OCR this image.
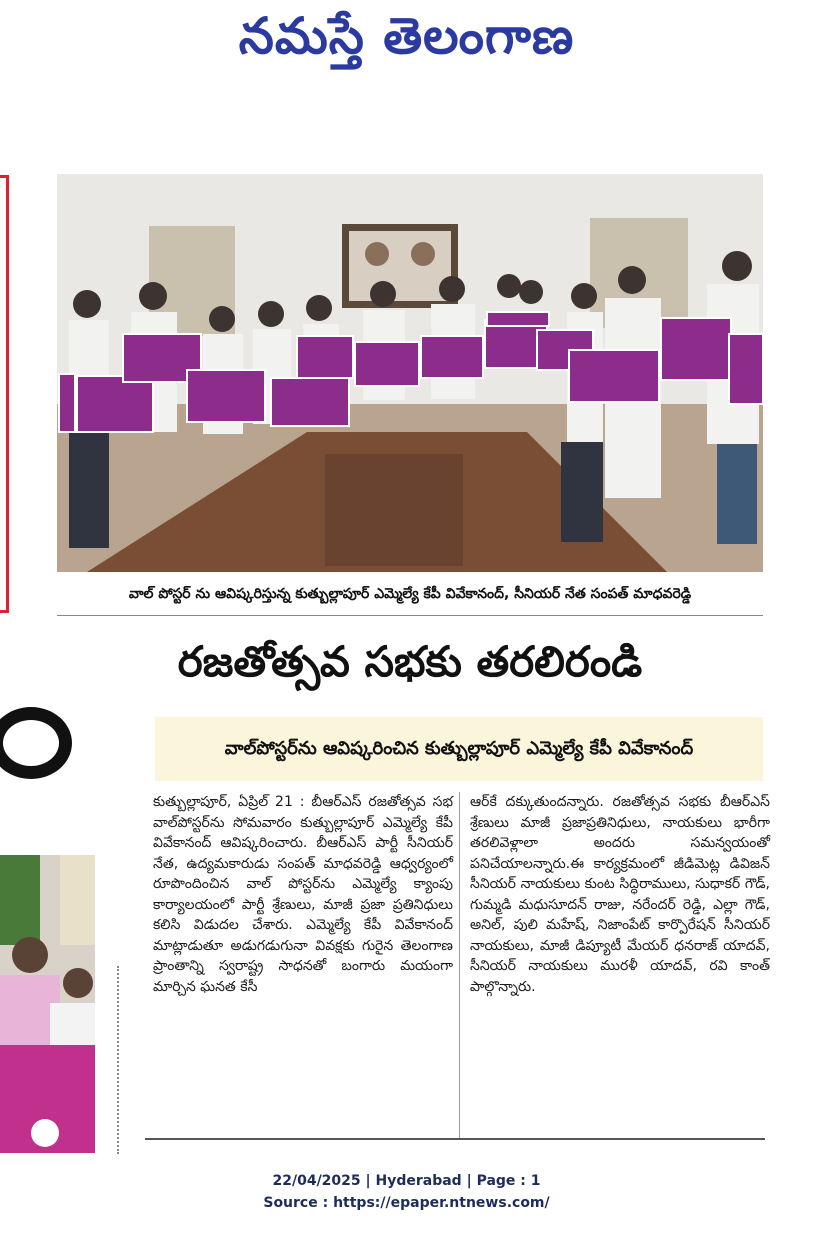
నమస్తే తెలంగాణ
వాల్ పోస్టర్ ను ఆవిష్కరిస్తున్న కుత్బుల్లాపూర్ ఎమ్మెల్యే కేపీ వివేకానంద్, సీనియర్ నేత సంపత్ మాధవరెడ్డి
రజతోత్సవ సభకు తరలిరండి
వాల్‌పోస్టర్‌ను ఆవిష్కరించిన కుత్బుల్లాపూర్ ఎమ్మెల్యే కేపీ వివేకానంద్
కుత్బుల్లాపూర్, ఏప్రిల్ 21 : బీఆర్‌ఎస్ రజతోత్సవ సభ వాల్‌పోస్టర్‌ను సోమవారం కుత్బుల్లాపూర్ ఎమ్మెల్యే కేపీ వివేకానంద్ ఆవిష్కరించారు. బీఆర్‌ఎస్ పార్టీ సీనియర్ నేత, ఉద్యమకారుడు సంపత్ మాధవరెడ్డి ఆధ్వర్యంలో రూపొందించిన వాల్ పోస్టర్‌ను ఎమ్మెల్యే క్యాంపు కార్యాలయంలో పార్టీ శ్రేణులు, మాజీ ప్రజా ప్రతినిధులు కలిసి విడుదల చేశారు. ఎమ్మెల్యే కేపీ వివేకానంద్ మాట్లాడుతూ అడుగడుగునా వివక్షకు గురైన తెలంగాణ ప్రాంతాన్ని స్వరాష్ట్ర సాధనతో బంగారు మయంగా మార్చిన ఘనత కేసీ
ఆర్‌కే దక్కుతుందన్నారు. రజతోత్సవ సభకు బీఆర్‌ఎస్ శ్రేణులు మాజీ ప్రజాప్రతినిధులు, నాయకులు భారీగా తరలివెళ్లాలా అందరు సమన్వయంతో పనిచేయాలన్నారు.ఈ కార్యక్రమంలో జీడిమెట్ల డివిజన్ సీనియర్ నాయకులు కుంట సిద్ధిరాములు, సుధాకర్ గౌడ్, గుమ్మడి మధుసూదన్ రాజు, నరేందర్ రెడ్డి, ఎల్లా గౌడ్, అనిల్, పులి మహేష్, నిజాంపేట్ కార్పొరేషన్ సీనియర్ నాయకులు, మాజీ డిప్యూటీ మేయర్ ధనరాజ్ యాదవ్, సీనియర్ నాయకులు మురళీ యాదవ్, రవి కాంత్ పాల్గొన్నారు.
22/04/2025 | Hyderabad | Page : 1
Source : https://epaper.ntnews.com/
